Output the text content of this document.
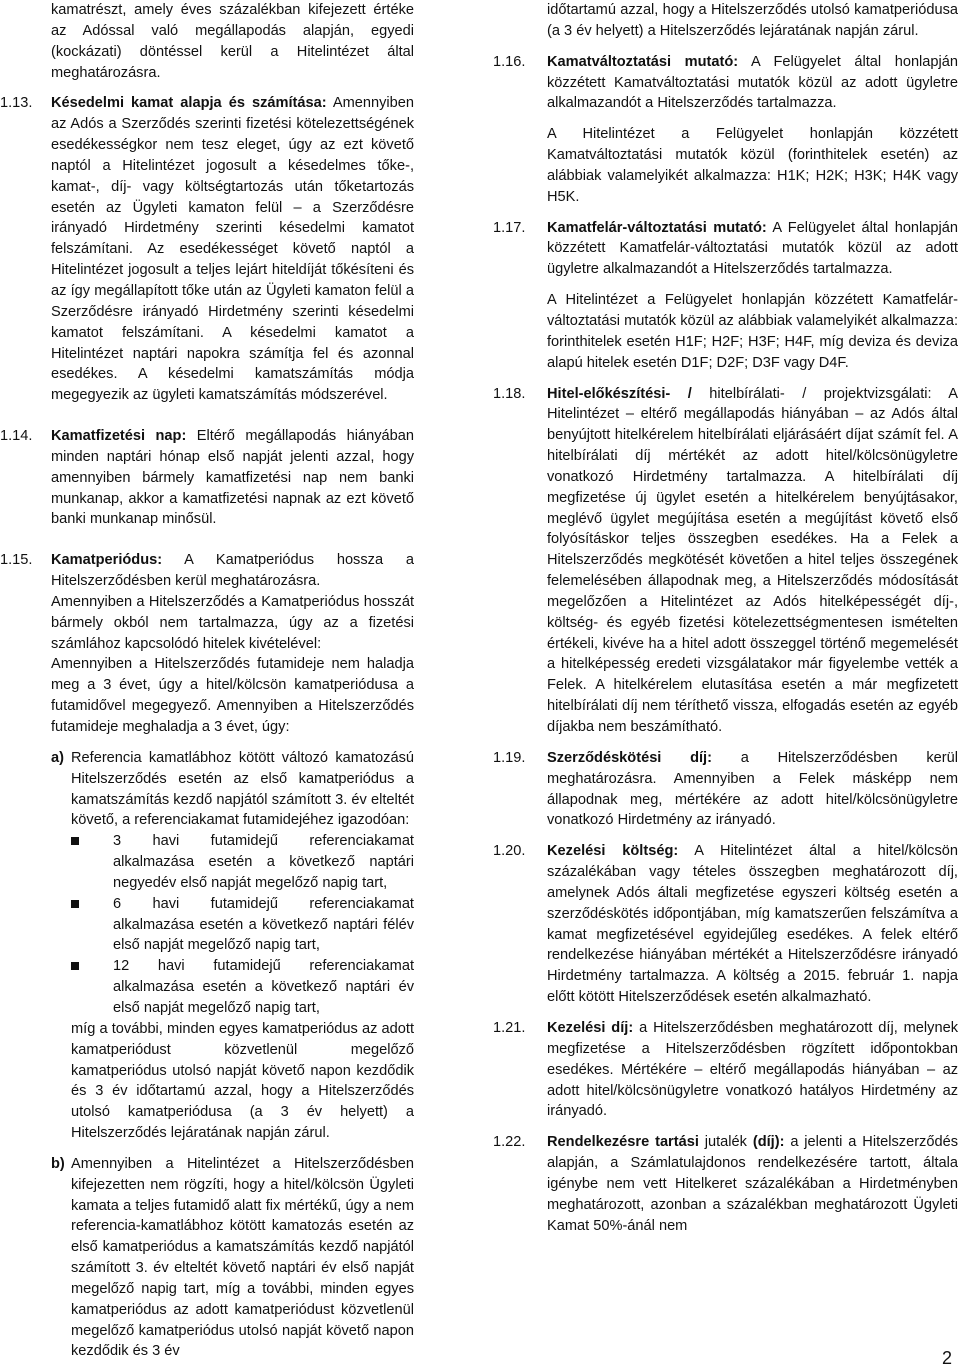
kamatrészt, amely éves százalékban kifejezett értéke az Adóssal való megállapodás alapján, egyedi (kockázati) döntéssel kerül a Hitelintézet által meghatározásra.

1.13.	Késedelmi kamat alapja és számítása: Amennyiben az Adós a Szerződés szerinti fizetési kötelezettségének esedékességkor nem tesz eleget, úgy az ezt követő naptól a Hitelintézet jogosult a késedelmes tőke-, kamat-, díj- vagy költségtartozás után tőketartozás esetén az Ügyleti kamaton felül – a Szerződésre irányadó Hirdetmény szerinti késedelmi kamatot felszámítani. Az esedékességet követő naptól a Hitelintézet jogosult a teljes lejárt hiteldíját tőkésíteni és az így megállapított tőke után az Ügyleti kamaton felül a Szerződésre irányadó Hirdetmény szerinti késedelmi kamatot felszámítani. A késedelmi kamatot a Hitelintézet naptári napokra számítja fel és azonnal esedékes. A késedelmi kamatszámítás módja megegyezik az ügyleti kamatszámítás módszerével.

1.14.	Kamatfizetési nap: Eltérő megállapodás hiányában minden naptári hónap első napját jelenti azzal, hogy amennyiben bármely kamatfizetési nap nem banki munkanap, akkor a kamatfizetési napnak az ezt követő banki munkanap minősül.

1.15.	Kamatperiódus: A Kamatperiódus hossza a Hitelszerződésben kerül meghatározásra.

Amennyiben a Hitelszerződés a Kamatperiódus hosszát bármely okból nem tartalmazza, úgy az a fizetési számlához kapcsolódó hitelek kivételével:

Amennyiben a Hitelszerződés futamideje nem haladja meg a 3 évet, úgy a hitel/kölcsön kamatperiódusa a futamidővel megegyező. Amennyiben a Hitelszerződés futamideje meghaladja a 3 évet, úgy:

a) Referencia kamatlábhoz kötött változó kamatozású Hitelszerződés esetén az első kamatperiódus a kamatszámítás kezdő napjától számított 3. év elteltét követő, a referenciakamat futamidejéhez igazodóan:

3 havi futamidejű referenciakamat alkalmazása esetén a következő naptári negyedév első napját megelőző napig tart,

6 havi futamidejű referenciakamat alkalmazása esetén a következő naptári félév első napját megelőző napig tart,

12 havi futamidejű referenciakamat alkalmazása esetén a következő naptári év első napját megelőző napig tart,

míg a további, minden egyes kamatperiódus az adott kamatperiódust közvetlenül megelőző kamatperiódus utolsó napját követő napon kezdődik és 3 év időtartamú azzal, hogy a Hitelszerződés utolsó kamatperiódusa (a 3 év helyett) a Hitelszerződés lejáratának napján zárul.

b) Amennyiben a Hitelintézet a Hitelszerződésben kifejezetten nem rögzíti, hogy a hitel/kölcsön Ügyleti kamata a teljes futamidő alatt fix mértékű, úgy a nem referencia-kamatlábhoz kötött kamatozás esetén az első kamatperiódus a kamatszámítás kezdő napjától számított 3. év elteltét követő naptári év első napját megelőző napig tart, míg a további, minden egyes kamatperiódus az adott kamatperiódust közvetlenül megelőző kamatperiódus utolsó napját követő napon kezdődik és 3 év

időtartamú azzal, hogy a Hitelszerződés utolsó kamatperiódusa (a 3 év helyett) a Hitelszerződés lejáratának napján zárul.

1.16.	Kamatváltoztatási mutató: A Felügyelet által honlapján közzétett Kamatváltoztatási mutatók közül az adott ügyletre alkalmazandót a Hitelszerződés tartalmazza.

A Hitelintézet a Felügyelet honlapján közzétett Kamatváltoztatási mutatók közül (forinthitelek esetén) az alábbiak valamelyikét alkalmazza: H1K; H2K; H3K; H4K vagy H5K.

1.17.	Kamatfelár-változtatási mutató: A Felügyelet által honlapján közzétett Kamatfelár-változtatási mutatók közül az adott ügyletre alkalmazandót a Hitelszerződés tartalmazza.

A Hitelintézet a Felügyelet honlapján közzétett Kamatfelár-változtatási mutatók közül az alábbiak valamelyikét alkalmazza: forinthitelek esetén H1F; H2F; H3F; H4F, míg deviza és deviza alapú hitelek esetén D1F; D2F; D3F vagy D4F.

1.18.	Hitel-előkészítési- / hitelbírálati- / projektvizsgálati: A Hitelintézet – eltérő megállapodás hiányában – az Adós által benyújtott hitelkérelem hitelbírálati eljárásáért díjat számít fel. A hitelbírálati díj mértékét az adott hitel/kölcsönügyletre vonatkozó Hirdetmény tartalmazza. A hitelbírálati díj megfizetése új ügylet esetén a hitelkérelem benyújtásakor, meglévő ügylet megújítása esetén a megújítást követő első folyósításkor teljes összegben esedékes. Ha a Felek a Hitelszerződés megkötését követően a hitel teljes összegének felemelésében állapodnak meg, a Hitelszerződés módosítását megelőzően a Hitelintézet az Adós hitelképességét díj-, költség- és egyéb fizetési kötelezettségmentesen ismételten értékeli, kivéve ha a hitel adott összeggel történő megemelését a hitelképesség eredeti vizsgálatakor már figyelembe vették a Felek. A hitelkérelem elutasítása esetén a már megfizetett hitelbírálati díj nem téríthető vissza, elfogadás esetén az egyéb díjakba nem beszámítható.

1.19.	Szerződéskötési díj: a Hitelszerződésben kerül meghatározásra. Amennyiben a Felek másképp nem állapodnak meg, mértékére az adott hitel/kölcsönügyletre vonatkozó Hirdetmény az irányadó.

1.20.	Kezelési költség: A Hitelintézet által a hitel/kölcsön százalékában vagy tételes összegben meghatározott díj, amelynek Adós általi megfizetése egyszeri költség esetén a szerződéskötés időpontjában, míg kamatszerűen felszámítva a kamat megfizetésével egyidejűleg esedékes. A felek eltérő rendelkezése hiányában mértékét a Hitelszerződésre irányadó Hirdetmény tartalmazza. A költség a 2015. február 1. napja előtt kötött Hitelszerződések esetén alkalmazható.

1.21.	Kezelési díj: a Hitelszerződésben meghatározott díj, melynek megfizetése a Hitelszerződésben rögzített időpontokban esedékes. Mértékére – eltérő megállapodás hiányában – az adott hitel/kölcsönügyletre vonatkozó hatályos Hirdetmény az irányadó.

1.22.	Rendelkezésre tartási jutalék (díj): a jelenti a Hitelszerződés alapján, a Számlatulajdonos rendelkezésére tartott, általa igénybe nem vett Hitelkeret százalékában a Hirdetményben meghatározott, azonban a százalékban meghatározott Ügyleti Kamat 50%-ánál nem

2
